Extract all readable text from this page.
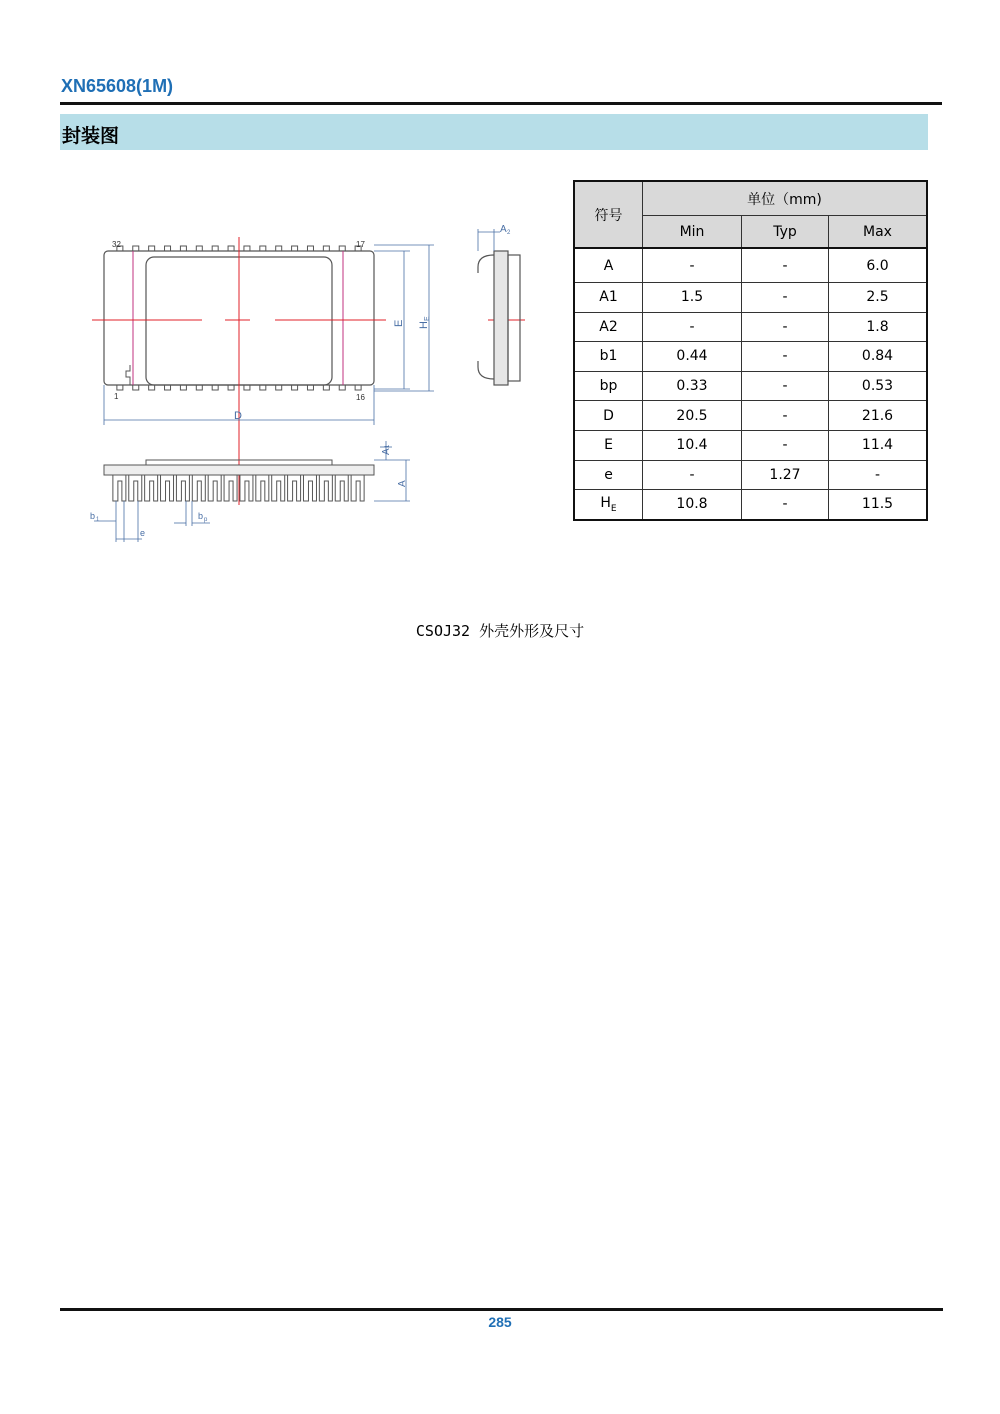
XN65608(1M)
封装图
32	17
1	16
D
E H
E
A 2
A
1
A
b 1	b p
e
符号	单位（mm)		
	Min	Typ	Max
A	-	-	6.0
A1	1.5	-	2.5
A2	-	-	1.8
b1	0.44	-	0.84
bp	0.33	-	0.53
D	20.5	-	21.6
E	10.4	-	11.4
e	-	1.27	-
$H_E$	10.8	-	11.5
CSOJ32 外壳外形及尺寸
285
